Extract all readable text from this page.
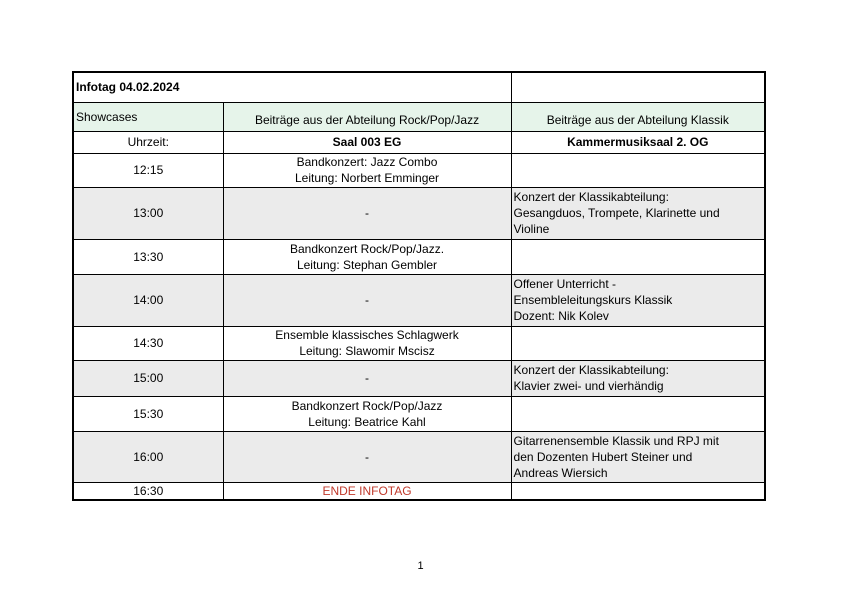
Infotag 04.02.2024		
Showcases	Beiträge aus der Abteilung Rock/Pop/Jazz	Beiträge aus der Abteilung Klassik
Uhrzeit:	Saal 003 EG	Kammermusiksaal 2. OG
12:15	Bandkonzert: Jazz Combo
Leitung: Norbert Emminger	

13:00	-	Konzert der Klassikabteilung:
Gesangduos, Trompete, Klarinette und
Violine

13:30	Bandkonzert Rock/Pop/Jazz.
Leitung: Stephan Gembler	

14:00	-	Offener Unterricht -
Ensembleleitungskurs Klassik
Dozent: Nik Kolev

14:30	Ensemble klassisches Schlagwerk
Leitung: Slawomir Mscisz	

15:00	-	Konzert der Klassikabteilung:
Klavier zwei- und vierhändig

15:30	Bandkonzert Rock/Pop/Jazz
Leitung: Beatrice Kahl	

16:00	-	Gitarrenensemble Klassik und RPJ mit
den Dozenten Hubert Steiner und
Andreas Wiersich

16:30	ENDE INFOTAG	
1
